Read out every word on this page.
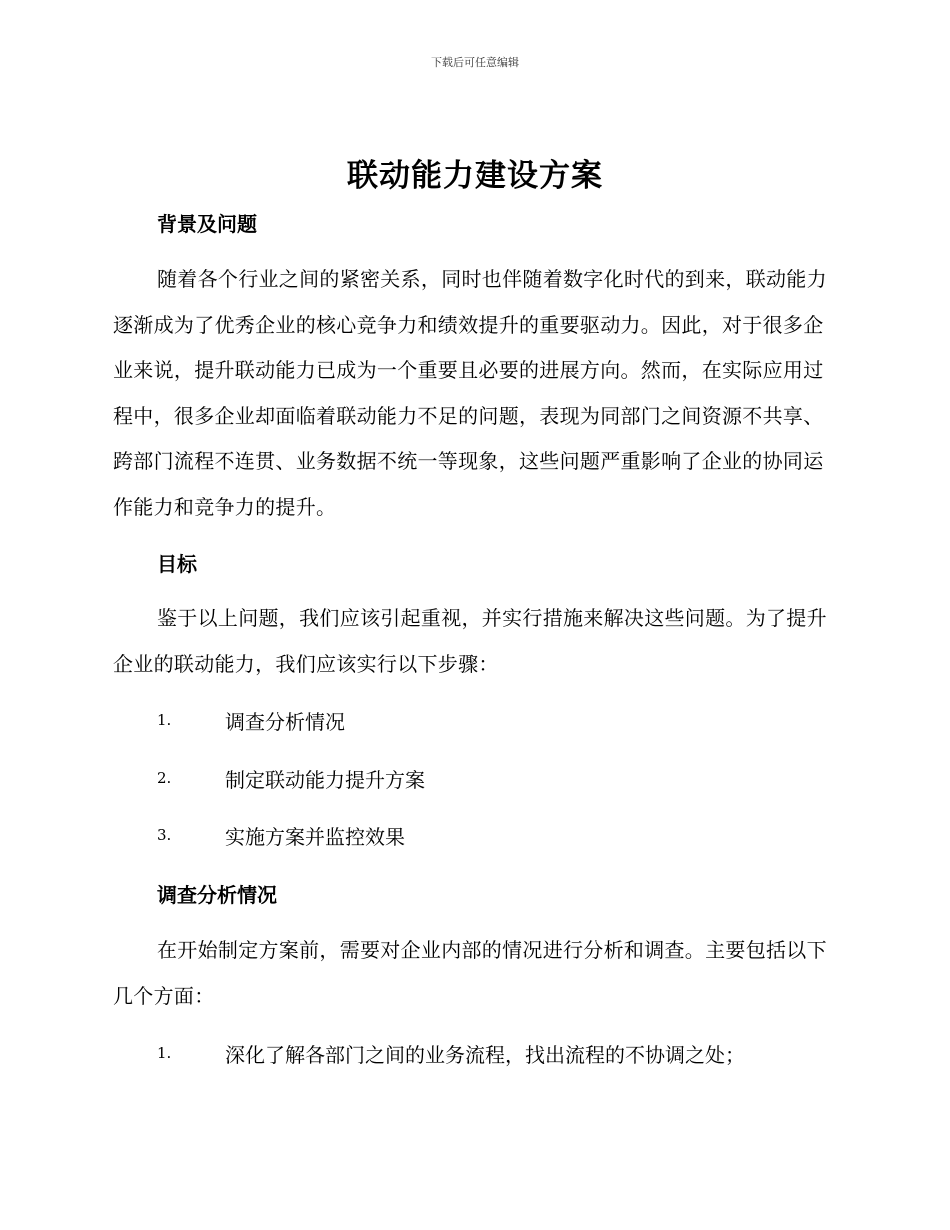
下载后可任意编辑
联动能力建设方案
背景及问题
随着各个行业之间的紧密关系，同时也伴随着数字化时代的到来，联动能力逐渐成为了优秀企业的核心竞争力和绩效提升的重要驱动力。因此，对于很多企业来说，提升联动能力已成为一个重要且必要的进展方向。然而，在实际应用过程中，很多企业却面临着联动能力不足的问题，表现为同部门之间资源不共享、跨部门流程不连贯、业务数据不统一等现象，这些问题严重影响了企业的协同运作能力和竞争力的提升。
目标
鉴于以上问题，我们应该引起重视，并实行措施来解决这些问题。为了提升企业的联动能力，我们应该实行以下步骤：
1.	调查分析情况
2.	制定联动能力提升方案
3.	实施方案并监控效果
调查分析情况
在开始制定方案前，需要对企业内部的情况进行分析和调查。主要包括以下几个方面：
1.	深化了解各部门之间的业务流程，找出流程的不协调之处；
